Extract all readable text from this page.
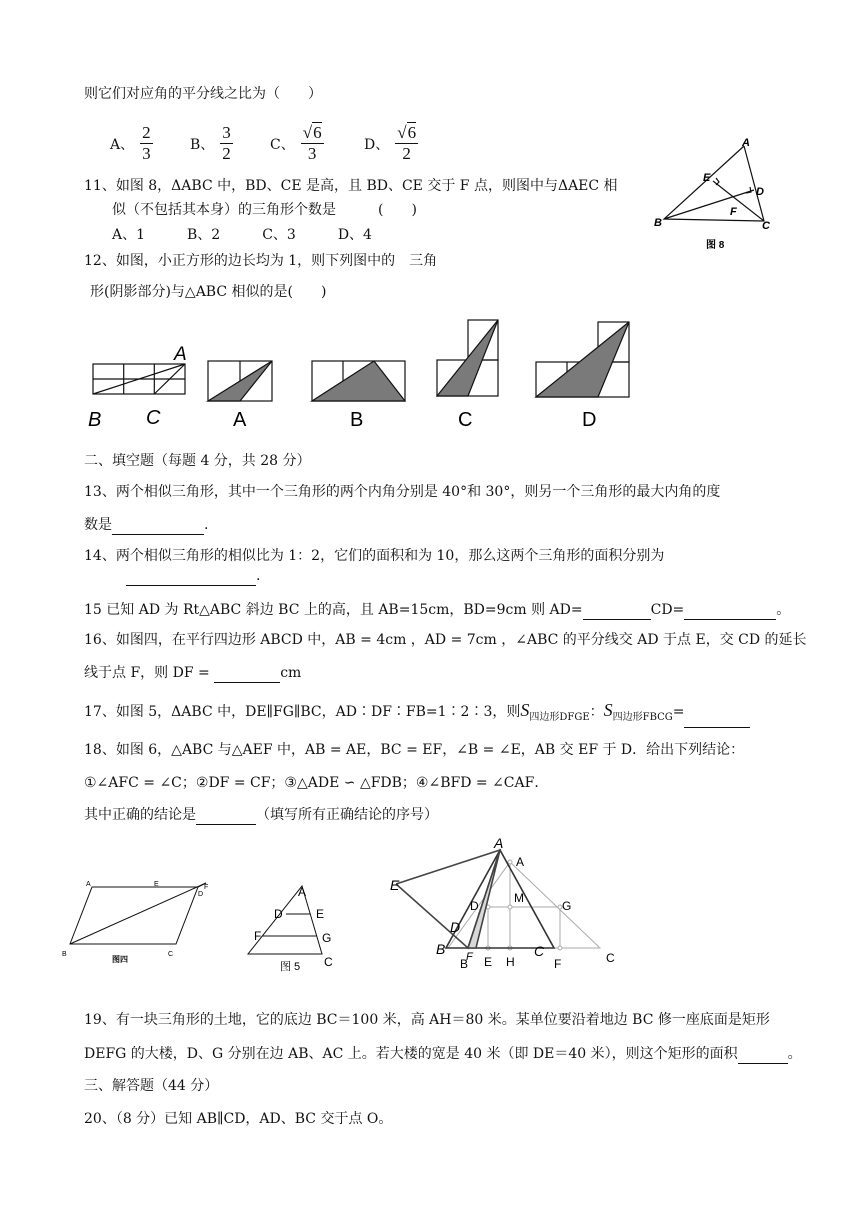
则它们对应角的平分线之比为（　　）
A、 $\frac{2}{3}$	B、 $\frac{3}{2}$	C、 $\frac{√6}{3}$	D、 $\frac{√6}{2}$
11、如图 8，ΔABC 中，BD、CE 是高，且 BD、CE 交于 F 点，则图中与ΔAEC 相
似（不包括其本身）的三角形个数是　　　(　　)
A、1　　　B、2　　　C、3　　　D、4
A
E
D
F
B	C
图 8
12、如图，小正方形的边长均为 1，则下列图中的　三角
形(阴影部分)与△ABC 相似的是(　　)
A
B C	A	B	C	D
二、填空题（每题 4 分，共 28 分）
13、两个相似三角形，其中一个三角形的两个内角分别是 40°和 30°，则另一个三角形的最大内角的度
数是	.
14、两个相似三角形的相似比为 1：2，它们的面积和为 10，那么这两个三角形的面积分别为
.
15 已知 AD 为 Rt△ABC 斜边 BC 上的高，且 AB=15cm，BD=9cm 则 AD=	CD=	。
16、如图四，在平行四边形 ABCD 中，AB = 4cm ，AD = 7cm ，∠ABC 的平分线交 AD 于点 E，交 CD 的延长
线于点 F，则 DF =	cm
17、如图 5，ΔABC 中，DE∥FG∥BC，AD∶DF∶FB=1∶2∶3，则$S_{四边形DFGE}$：$S_{四边形FBCG}=$
18、如图 6，△ABC 与△AEF 中，AB = AE，BC = EF，∠B = ∠E，AB 交 EF 于 D．给出下列结论：
①∠AFC = ∠C；②DF = CF；③△ADE ∽ △FDB；④∠BFD = ∠CAF．
其中正确的结论是	（填写所有正确结论的序号）
A	E	F
D
B	C
图四
A
D	E
F	G
C
图 5
A
E
D
B F	C
A
D
M
G
B E H	F	C
19、有一块三角形的土地，它的底边 BC＝100 米，高 AH＝80 米。某单位要沿着地边 BC 修一座底面是矩形
DEFG 的大楼，D、G 分别在边 AB、AC 上。若大楼的宽是 40 米（即 DE＝40 米），则这个矩形的面积	。
三、解答题（44 分）
20、（8 分）已知 AB∥CD，AD、BC 交于点 O。
